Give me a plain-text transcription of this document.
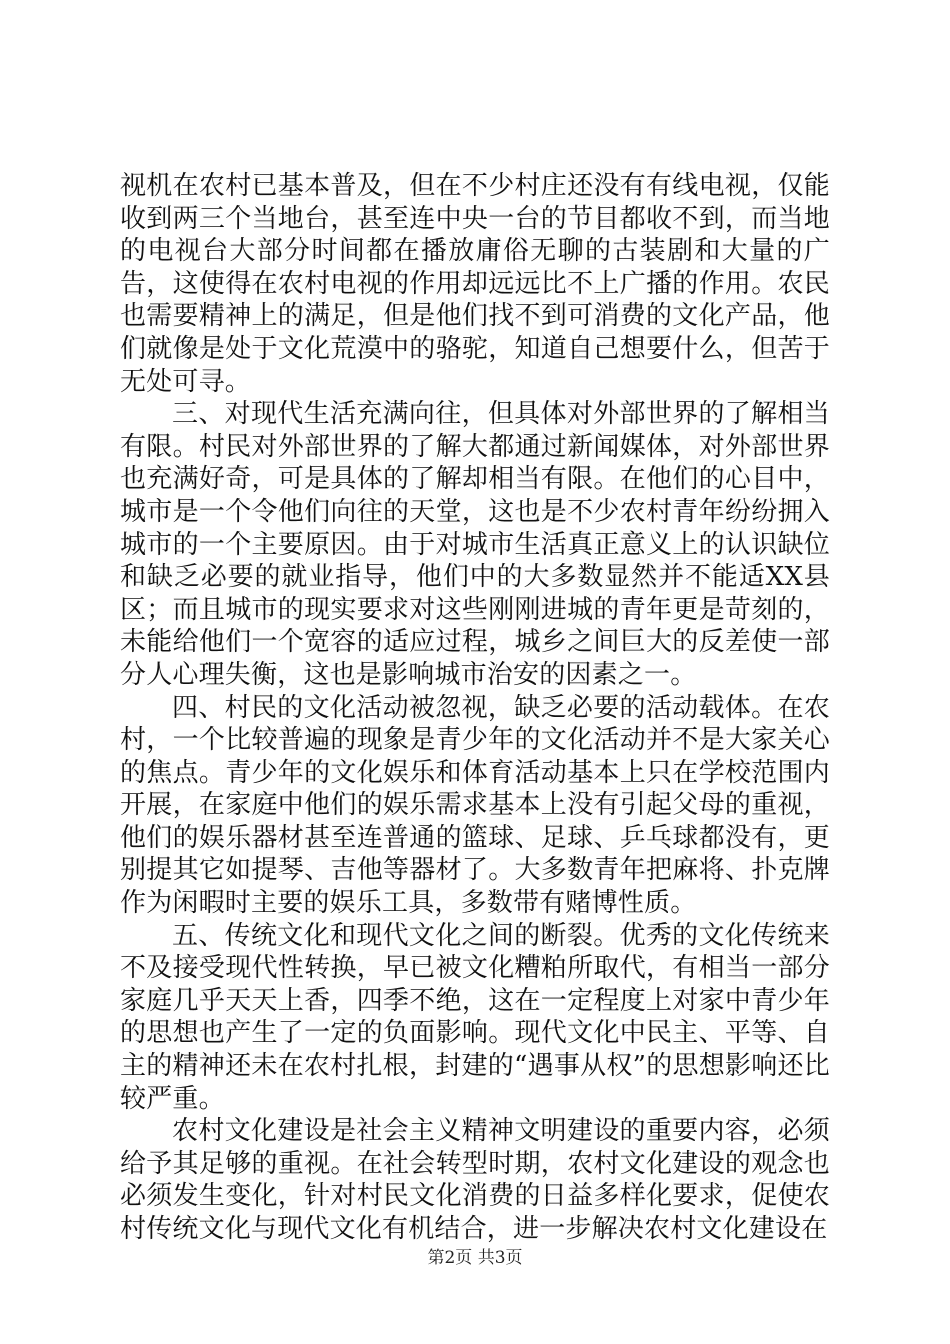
视机在农村已基本普及，但在不少村庄还没有有线电视，仅能收到两三个当地台，甚至连中央一台的节目都收不到，而当地的电视台大部分时间都在播放庸俗无聊的古装剧和大量的广告，这使得在农村电视的作用却远远比不上广播的作用。农民也需要精神上的满足，但是他们找不到可消费的文化产品，他们就像是处于文化荒漠中的骆驼，知道自己想要什么，但苦于无处可寻。

三、对现代生活充满向往，但具体对外部世界的了解相当有限。村民对外部世界的了解大都通过新闻媒体，对外部世界也充满好奇，可是具体的了解却相当有限。在他们的心目中，城市是一个令他们向往的天堂，这也是不少农村青年纷纷拥入城市的一个主要原因。由于对城市生活真正意义上的认识缺位和缺乏必要的就业指导，他们中的大多数显然并不能适XX县区；而且城市的现实要求对这些刚刚进城的青年更是苛刻的，未能给他们一个宽容的适应过程，城乡之间巨大的反差使一部分人心理失衡，这也是影响城市治安的因素之一。

四、村民的文化活动被忽视，缺乏必要的活动载体。在农村，一个比较普遍的现象是青少年的文化活动并不是大家关心的焦点。青少年的文化娱乐和体育活动基本上只在学校范围内开展，在家庭中他们的娱乐需求基本上没有引起父母的重视，他们的娱乐器材甚至连普通的篮球、足球、乒乓球都没有，更别提其它如提琴、吉他等器材了。大多数青年把麻将、扑克牌作为闲暇时主要的娱乐工具，多数带有赌博性质。

五、传统文化和现代文化之间的断裂。优秀的文化传统来不及接受现代性转换，早已被文化糟粕所取代，有相当一部分家庭几乎天天上香，四季不绝，这在一定程度上对家中青少年的思想也产生了一定的负面影响。现代文化中民主、平等、自主的精神还未在农村扎根，封建的“遇事从权”的思想影响还比较严重。

农村文化建设是社会主义精神文明建设的重要内容，必须给予其足够的重视。在社会转型时期，农村文化建设的观念也必须发生变化，针对村民文化消费的日益多样化要求，促使农村传统文化与现代文化有机结合，进一步解决农村文化建设在

第2页 共3页
